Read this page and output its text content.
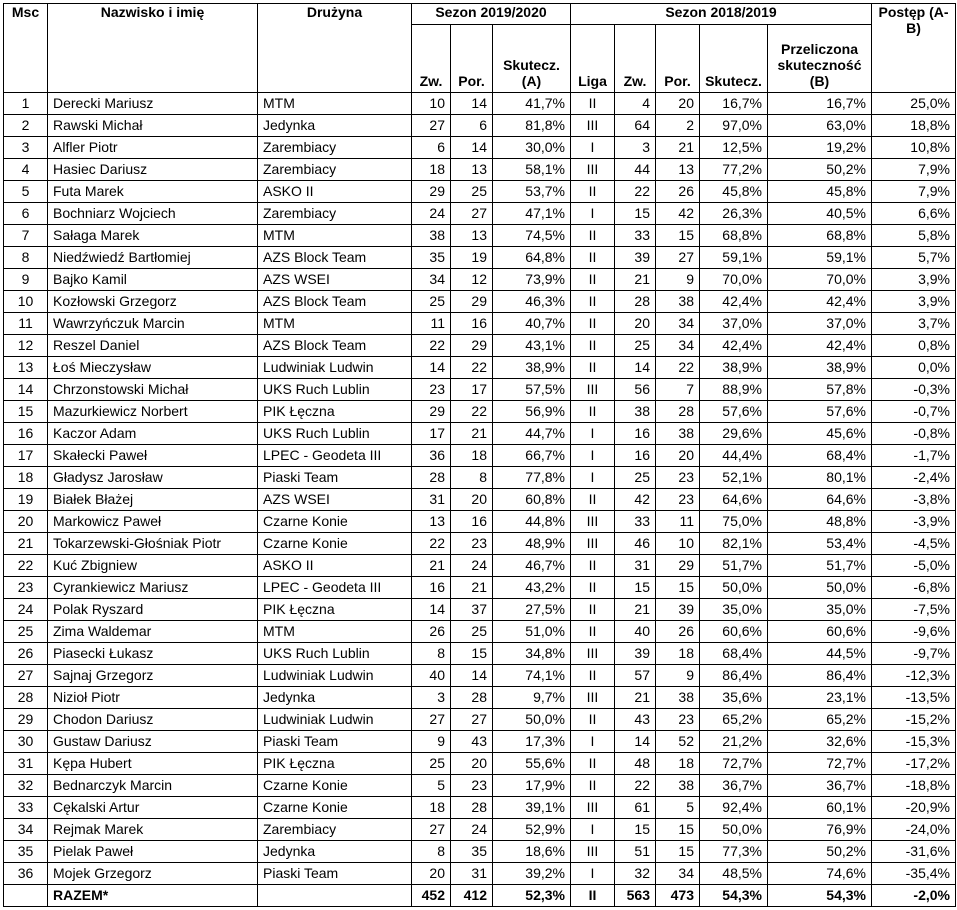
Msc	Nazwisko i imię	Drużyna	Sezon 2019/2020			Sezon 2018/2019					Postęp (A-B)
			Zw.	Por.	Skutecz. (A)	Liga	Zw.	Por.	Skutecz.	Przeliczona skuteczność (B)	
1	Derecki Mariusz	MTM	10	14	41,7%	II	4	20	16,7%	16,7%	25,0%
2	Rawski Michał	Jedynka	27	6	81,8%	III	64	2	97,0%	63,0%	18,8%
3	Alfler Piotr	Zarembiacy	6	14	30,0%	I	3	21	12,5%	19,2%	10,8%
4	Hasiec Dariusz	Zarembiacy	18	13	58,1%	III	44	13	77,2%	50,2%	7,9%
5	Futa Marek	ASKO II	29	25	53,7%	II	22	26	45,8%	45,8%	7,9%
6	Bochniarz Wojciech	Zarembiacy	24	27	47,1%	I	15	42	26,3%	40,5%	6,6%
7	Sałaga Marek	MTM	38	13	74,5%	II	33	15	68,8%	68,8%	5,8%
8	Niedźwiedź Bartłomiej	AZS Block Team	35	19	64,8%	II	39	27	59,1%	59,1%	5,7%
9	Bajko Kamil	AZS WSEI	34	12	73,9%	II	21	9	70,0%	70,0%	3,9%
10	Kozłowski Grzegorz	AZS Block Team	25	29	46,3%	II	28	38	42,4%	42,4%	3,9%
11	Wawrzyńczuk Marcin	MTM	11	16	40,7%	II	20	34	37,0%	37,0%	3,7%
12	Reszel Daniel	AZS Block Team	22	29	43,1%	II	25	34	42,4%	42,4%	0,8%
13	Łoś Mieczysław	Ludwiniak Ludwin	14	22	38,9%	II	14	22	38,9%	38,9%	0,0%
14	Chrzonstowski Michał	UKS Ruch Lublin	23	17	57,5%	III	56	7	88,9%	57,8%	-0,3%
15	Mazurkiewicz Norbert	PIK Łęczna	29	22	56,9%	II	38	28	57,6%	57,6%	-0,7%
16	Kaczor Adam	UKS Ruch Lublin	17	21	44,7%	I	16	38	29,6%	45,6%	-0,8%
17	Skałecki Paweł	LPEC - Geodeta III	36	18	66,7%	I	16	20	44,4%	68,4%	-1,7%
18	Gładysz Jarosław	Piaski Team	28	8	77,8%	I	25	23	52,1%	80,1%	-2,4%
19	Białek Błażej	AZS WSEI	31	20	60,8%	II	42	23	64,6%	64,6%	-3,8%
20	Markowicz Paweł	Czarne Konie	13	16	44,8%	III	33	11	75,0%	48,8%	-3,9%
21	Tokarzewski-Głośniak Piotr	Czarne Konie	22	23	48,9%	III	46	10	82,1%	53,4%	-4,5%
22	Kuć Zbigniew	ASKO II	21	24	46,7%	II	31	29	51,7%	51,7%	-5,0%
23	Cyrankiewicz Mariusz	LPEC - Geodeta III	16	21	43,2%	II	15	15	50,0%	50,0%	-6,8%
24	Polak Ryszard	PIK Łęczna	14	37	27,5%	II	21	39	35,0%	35,0%	-7,5%
25	Zima Waldemar	MTM	26	25	51,0%	II	40	26	60,6%	60,6%	-9,6%
26	Piasecki Łukasz	UKS Ruch Lublin	8	15	34,8%	III	39	18	68,4%	44,5%	-9,7%
27	Sajnaj Grzegorz	Ludwiniak Ludwin	40	14	74,1%	II	57	9	86,4%	86,4%	-12,3%
28	Nizioł Piotr	Jedynka	3	28	9,7%	III	21	38	35,6%	23,1%	-13,5%
29	Chodon Dariusz	Ludwiniak Ludwin	27	27	50,0%	II	43	23	65,2%	65,2%	-15,2%
30	Gustaw Dariusz	Piaski Team	9	43	17,3%	I	14	52	21,2%	32,6%	-15,3%
31	Kępa Hubert	PIK Łęczna	25	20	55,6%	II	48	18	72,7%	72,7%	-17,2%
32	Bednarczyk Marcin	Czarne Konie	5	23	17,9%	II	22	38	36,7%	36,7%	-18,8%
33	Cękalski Artur	Czarne Konie	18	28	39,1%	III	61	5	92,4%	60,1%	-20,9%
34	Rejmak Marek	Zarembiacy	27	24	52,9%	I	15	15	50,0%	76,9%	-24,0%
35	Pielak Paweł	Jedynka	8	35	18,6%	III	51	15	77,3%	50,2%	-31,6%
36	Mojek Grzegorz	Piaski Team	20	31	39,2%	I	32	34	48,5%	74,6%	-35,4%
	RAZEM*		452	412	52,3%	II	563	473	54,3%	54,3%	-2,0%
